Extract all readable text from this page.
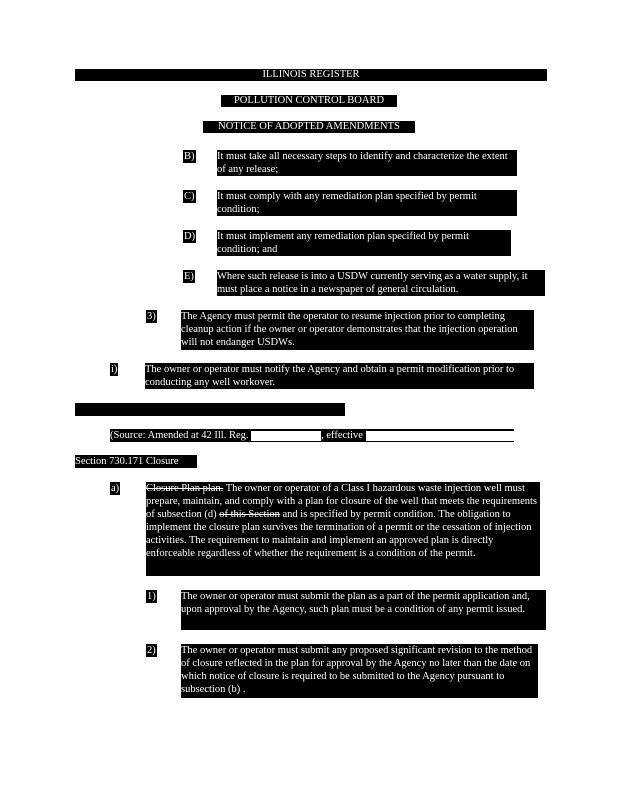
ILLINOIS REGISTER
POLLUTION CONTROL BOARD
NOTICE OF ADOPTED AMENDMENTS
B) It must take all necessary steps to identify and characterize the extent of any release;
C) It must comply with any remediation plan specified by permit condition;
D) It must implement any remediation plan specified by permit condition; and
E) Where such release is into a USDW currently serving as a water supply, it must place a notice in a newspaper of general circulation.
3) The Agency must permit the operator to resume injection prior to completing cleanup action if the owner or operator demonstrates that the injection operation will not endanger USDWs.
i)	The owner or operator must notify the Agency and obtain a permit modification prior to conducting any well workover.

BOARD NOTE: Derived from 40 CFR 146.67 (2017) (2005)

(Source: Amended at 42 Ill. Reg.	, effective	)
Section 730.171 Closure
a)	Closure Plan plan. The owner or operator of a Class I hazardous waste injection well must prepare, maintain, and comply with a plan for closure of the well that meets the requirements of subsection (d) of this Section and is specified by permit condition. The obligation to implement the closure plan survives the termination of a permit or the cessation of injection activities. The requirement to maintain and implement an approved plan is directly enforceable regardless of whether the requirement is a condition of the permit.
1) The owner or operator must submit the plan as a part of the permit application and, upon approval by the Agency, such plan must be a condition of any permit issued.
2) The owner or operator must submit any proposed significant revision to the method of closure reflected in the plan for approval by the Agency no later than the date on which notice of closure is required to be submitted to the Agency pursuant to subsection (b) .
